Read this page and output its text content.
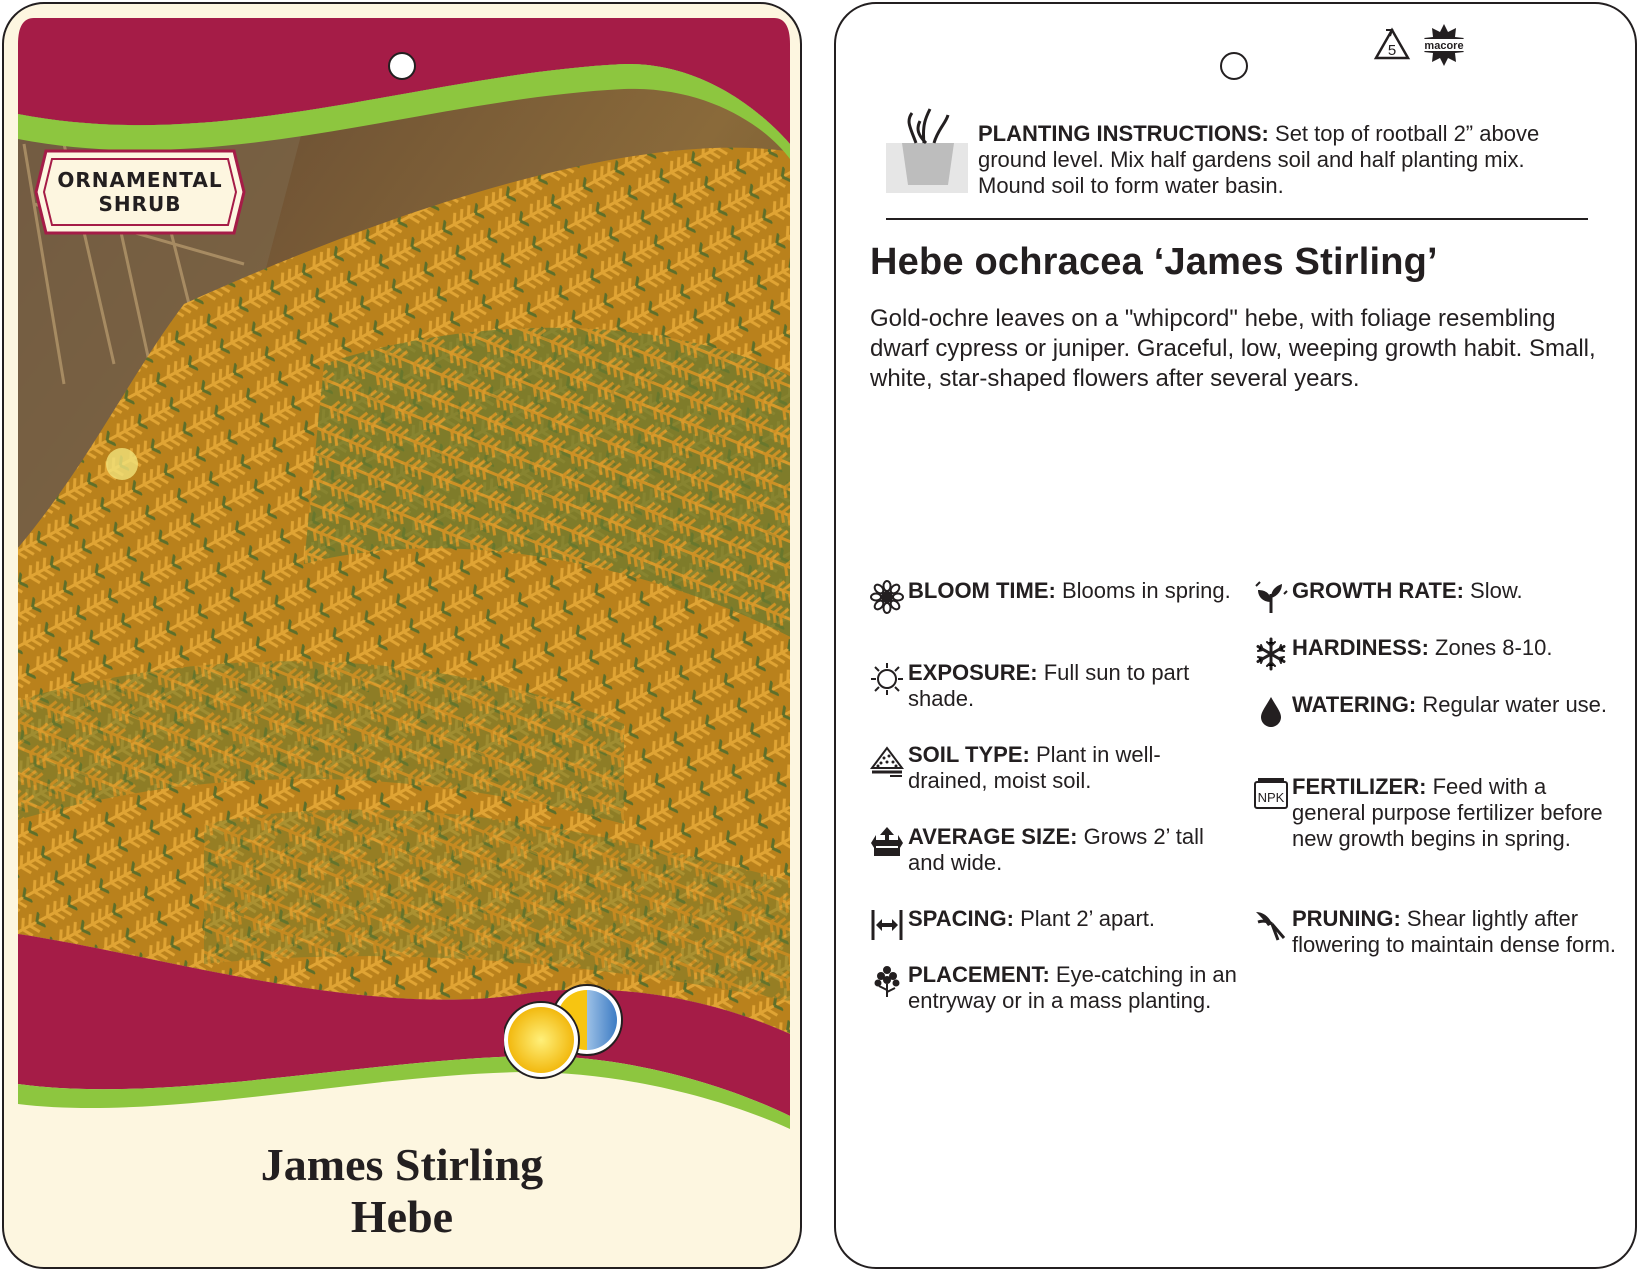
ORNAMENTAL
SHRUB
James Stirling
Hebe
5	macore
PLANTING INSTRUCTIONS: Set top of rootball 2” above ground level. Mix half gardens soil and half planting mix. Mound soil to form water basin.
Hebe ochracea ‘James Stirling’
Gold-ochre leaves on a "whipcord" hebe, with foliage resembling dwarf cypress or juniper. Graceful, low, weeping growth habit. Small, white, star-shaped flowers after several years.
BLOOM TIME: Blooms in spring.
EXPOSURE: Full sun to part shade.
SOIL TYPE: Plant in well-drained, moist soil.
AVERAGE SIZE: Grows 2’ tall and wide.
SPACING: Plant 2’ apart.
PLACEMENT: Eye-catching in an entryway or in a mass planting.
GROWTH RATE: Slow.
HARDINESS: Zones 8-10.
WATERING: Regular water use.
NPK FERTILIZER: Feed with a general purpose fertilizer before new growth begins in spring.
PRUNING: Shear lightly after flowering to maintain dense form.
